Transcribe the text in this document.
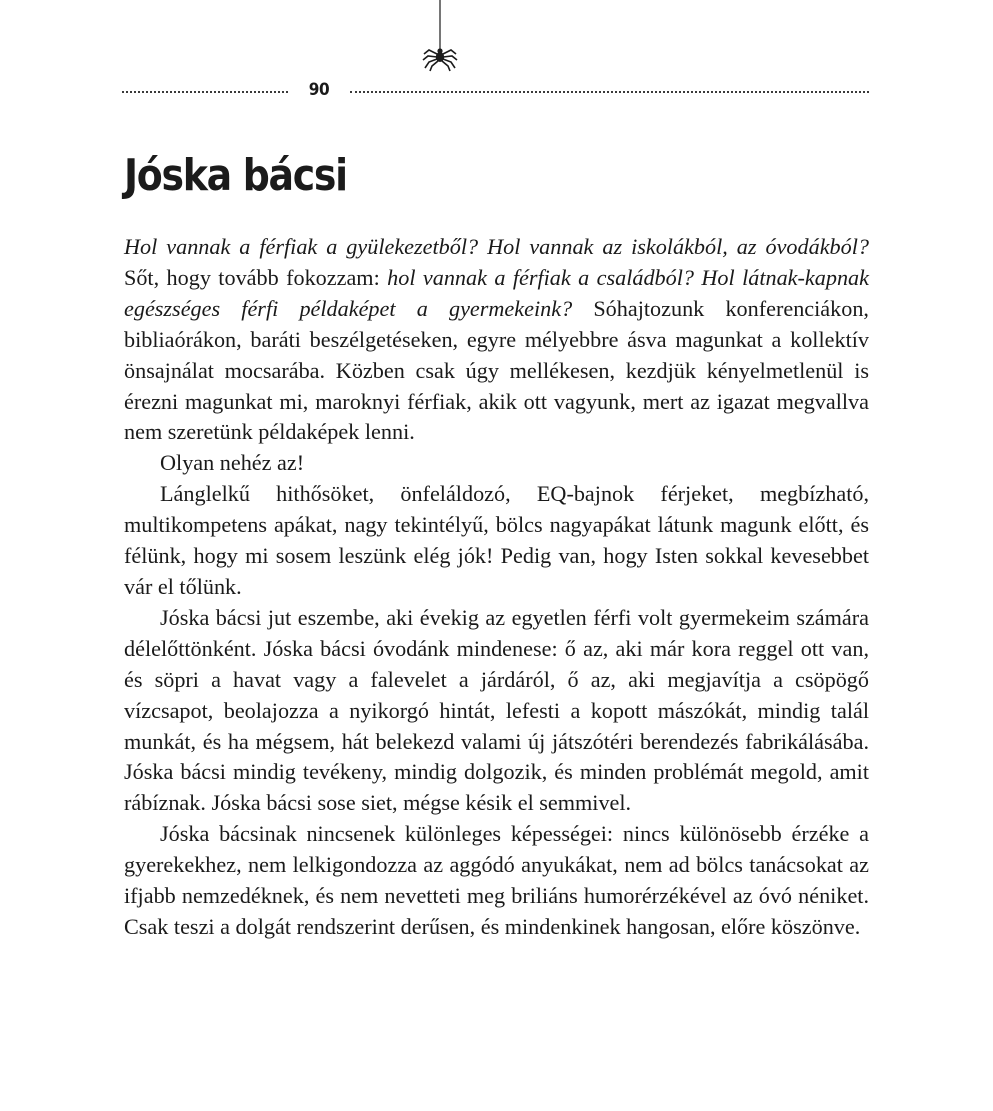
90
Jóska bácsi

Hol vannak a férfiak a gyülekezetből? Hol vannak az iskolákból, az óvodákból? Sőt, hogy tovább fokozzam: hol vannak a férfiak a családból? Hol látnak-kapnak egészséges férfi példaképet a gyermekeink? Sóhajtozunk konferenciákon, bibliaórákon, baráti beszélgetéseken, egyre mélyebbre ásva magunkat a kollektív önsajnálat mocsarába. Közben csak úgy mellékesen, kezdjük kényelmetlenül is érezni magunkat mi, maroknyi férfiak, akik ott vagyunk, mert az igazat megvallva nem szeretünk példaképek lenni.

Olyan nehéz az!

Lánglelkű hithősöket, önfeláldozó, EQ-bajnok férjeket, megbízható, multikompetens apákat, nagy tekintélyű, bölcs nagyapákat látunk magunk előtt, és félünk, hogy mi sosem leszünk elég jók! Pedig van, hogy Isten sokkal kevesebbet vár el tőlünk.

Jóska bácsi jut eszembe, aki évekig az egyetlen férfi volt gyermekeim számára délelőttönként. Jóska bácsi óvodánk mindenese: ő az, aki már kora reggel ott van, és söpri a havat vagy a falevelet a járdáról, ő az, aki megjavítja a csöpögő vízcsapot, beolajozza a nyikorgó hintát, lefesti a kopott mászókát, mindig talál munkát, és ha mégsem, hát belekezd valami új játszótéri berendezés fabrikálásába. Jóska bácsi mindig tevékeny, mindig dolgozik, és minden problémát megold, amit rábíznak. Jóska bácsi sose siet, mégse késik el semmivel.

Jóska bácsinak nincsenek különleges képességei: nincs különösebb érzéke a gyerekekhez, nem lelkigondozza az aggódó anyukákat, nem ad bölcs tanácsokat az ifjabb nemzedéknek, és nem nevetteti meg briliáns humorérzékével az óvó néniket. Csak teszi a dolgát rendszerint derűsen, és mindenkinek hangosan, előre köszönve.
